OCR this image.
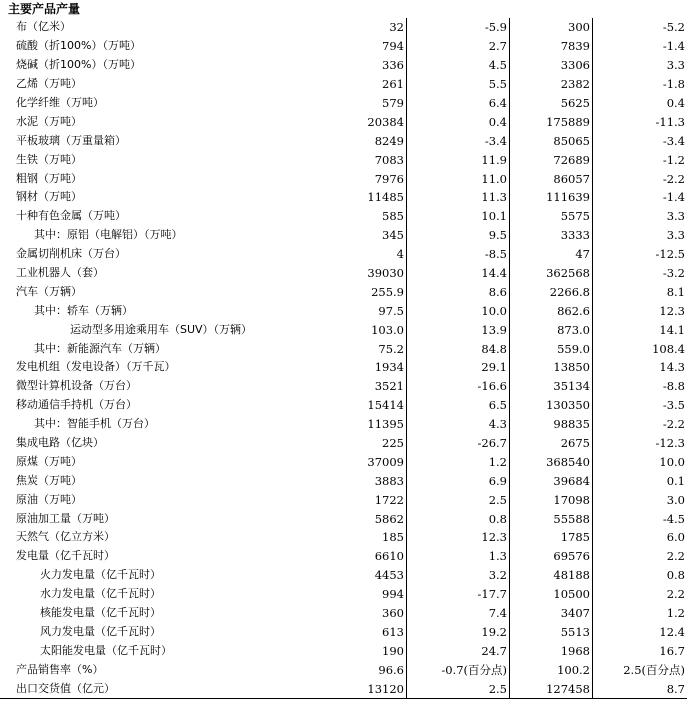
主要产品产量
布（亿米）	32	-5.9	300	-5.2
硫酸（折100%）（万吨）	794	2.7	7839	-1.4
烧碱（折100%）（万吨）	336	4.5	3306	3.3
乙烯（万吨）	261	5.5	2382	-1.8
化学纤维（万吨）	579	6.4	5625	0.4
水泥（万吨）	20384	0.4	175889	-11.3
平板玻璃（万重量箱）	8249	-3.4	85065	-3.4
生铁（万吨）	7083	11.9	72689	-1.2
粗钢（万吨）	7976	11.0	86057	-2.2
钢材（万吨）	11485	11.3	111639	-1.4
十种有色金属（万吨）	585	10.1	5575	3.3
其中：原铝（电解铝）（万吨）	345	9.5	3333	3.3
金属切削机床（万台）	4	-8.5	47	-12.5
工业机器人（套）	39030	14.4	362568	-3.2
汽车（万辆）	255.9	8.6	2266.8	8.1
其中：轿车（万辆）	97.5	10.0	862.6	12.3
运动型多用途乘用车（SUV）（万辆）	103.0	13.9	873.0	14.1
其中：新能源汽车（万辆）	75.2	84.8	559.0	108.4
发电机组（发电设备）（万千瓦）	1934	29.1	13850	14.3
微型计算机设备（万台）	3521	-16.6	35134	-8.8
移动通信手持机（万台）	15414	6.5	130350	-3.5
其中：智能手机（万台）	11395	4.3	98835	-2.2
集成电路（亿块）	225	-26.7	2675	-12.3
原煤（万吨）	37009	1.2	368540	10.0
焦炭（万吨）	3883	6.9	39684	0.1
原油（万吨）	1722	2.5	17098	3.0
原油加工量（万吨）	5862	0.8	55588	-4.5
天然气（亿立方米）	185	12.3	1785	6.0
发电量（亿千瓦时）	6610	1.3	69576	2.2
火力发电量（亿千瓦时）	4453	3.2	48188	0.8
水力发电量（亿千瓦时）	994	-17.7	10500	2.2
核能发电量（亿千瓦时）	360	7.4	3407	1.2
风力发电量（亿千瓦时）	613	19.2	5513	12.4
太阳能发电量（亿千瓦时）	190	24.7	1968	16.7
产品销售率（%）	96.6	-0.7(百分点)	100.2	2.5(百分点)
出口交货值（亿元）	13120	2.5	127458	8.7
